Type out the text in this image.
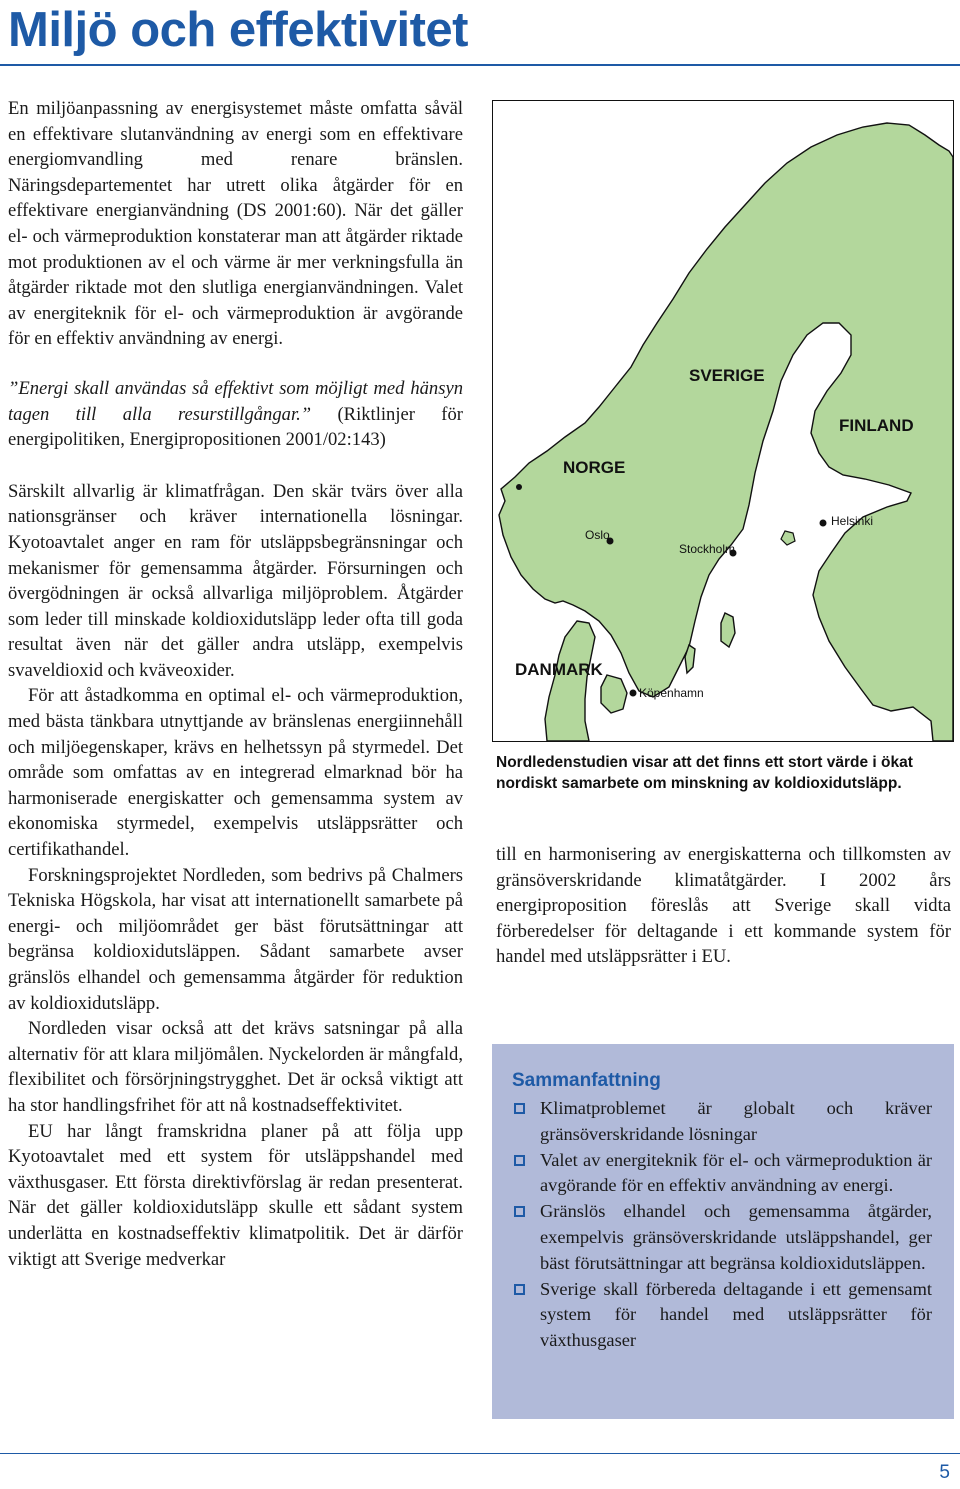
Miljö och effektivitet

En miljöanpassning av energisystemet måste omfatta såväl en effektivare slutanvändning av energi som en effektivare energiomvandling med renare bränslen. Näringsdepartementet har utrett olika åtgärder för en effektivare energianvändning (DS 2001:60). När det gäller el- och värmeproduktion konstaterar man att åtgärder riktade mot produktionen av el och värme är mer verkningsfulla än åtgärder riktade mot den slutliga energianvändningen. Valet av energiteknik för el- och värmeproduktion är avgörande för en effektiv användning av energi.

”Energi skall användas så effektivt som möjligt med hänsyn tagen till alla resurstillgångar.” (Riktlinjer för energipolitiken, Energipropositionen 2001/02:143)

Särskilt allvarlig är klimatfrågan. Den skär tvärs över alla nationsgränser och kräver internationella lösningar. Kyotoavtalet anger en ram för utsläppsbegränsningar och mekanismer för gemensamma åtgärder. Försurningen och övergödningen är också allvarliga miljöproblem. Åtgärder som leder till minskade koldioxidutsläpp leder ofta till goda resultat även när det gäller andra utsläpp, exempelvis svaveldioxid och kväveoxider.

För att åstadkomma en optimal el- och värmeproduktion, med bästa tänkbara utnyttjande av bränslenas energiinnehåll och miljöegenskaper, krävs en helhetssyn på styrmedel. Det område som omfattas av en integrerad elmarknad bör ha harmoniserade energiskatter och gemensamma system av ekonomiska styrmedel, exempelvis utsläppsrätter och certifikathandel.

Forskningsprojektet Nordleden, som bedrivs på Chalmers Tekniska Högskola, har visat att internationellt samarbete på energi- och miljöområdet ger bäst förutsättningar att begränsa koldioxidutsläppen. Sådant samarbete avser gränslös elhandel och gemensamma åtgärder för reduktion av koldioxidutsläpp.

Nordleden visar också att det krävs satsningar på alla alternativ för att klara miljömålen. Nyckelorden är mångfald, flexibilitet och försörjningstrygghet. Det är också viktigt att ha stor handlingsfrihet för att nå kostnadseffektivitet.

EU har långt framskridna planer på att följa upp Kyotoavtalet med ett system för utsläppshandel med växthusgaser. Ett första direktivförslag är redan presenterat. När det gäller koldioxidutsläpp skulle ett sådant system underlätta en kostnadseffektiv klimatpolitik. Det är därför viktigt att Sverige medverkar

SVERIGE
FINLAND
NORGE
DANMARK
Oslo
Stockholm
Helsinki
Köpenhamn

Nordledenstudien visar att det finns ett stort värde i ökat nordiskt samarbete om minskning av koldioxidutsläpp.

till en harmonisering av energiskatterna och tillkomsten av gränsöverskridande klimatåtgärder. I 2002 års energiproposition föreslås att Sverige skall vidta förberedelser för deltagande i ett kommande system för handel med utsläppsrätter i EU.

Sammanfattning
Klimatproblemet är globalt och kräver gränsöverskridande lösningar
Valet av energiteknik för el- och värmeproduktion är avgörande för en effektiv användning av energi.
Gränslös elhandel och gemensamma åtgärder, exempelvis gränsöverskridande utsläppshandel, ger bäst förutsättningar att begränsa koldioxidutsläppen.
Sverige skall förbereda deltagande i ett gemensamt system för handel med utsläppsrätter för växthusgaser
5
